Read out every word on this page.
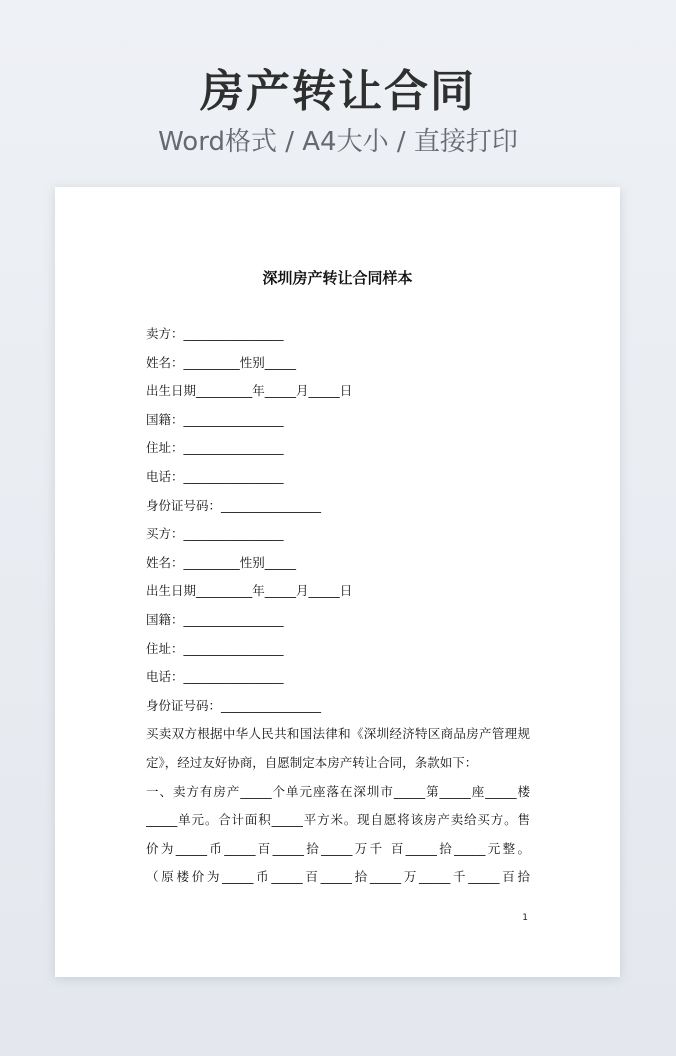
房产转让合同
Word格式 / A4大小 / 直接打印
深圳房产转让合同样本
卖方：________________
姓名：_________性别_____
出生日期_________年_____月_____日
国籍：________________
住址：________________
电话：________________
身份证号码：________________
买方：________________
姓名：_________性别_____
出生日期_________年_____月_____日
国籍：________________
住址：________________
电话：________________
身份证号码：________________
买卖双方根据中华人民共和国法律和《深圳经济特区商品房产管理规
定》，经过友好协商，自愿制定本房产转让合同，条款如下：
一、卖方有房产_____个单元座落在深圳市_____第_____座_____楼
_____单元。合计面积_____平方米。现自愿将该房产卖给买方。售
价为_____币_____百_____拾_____万千 百_____拾_____元整。
（原楼价为_____币_____百_____拾_____万_____千_____百拾
1
